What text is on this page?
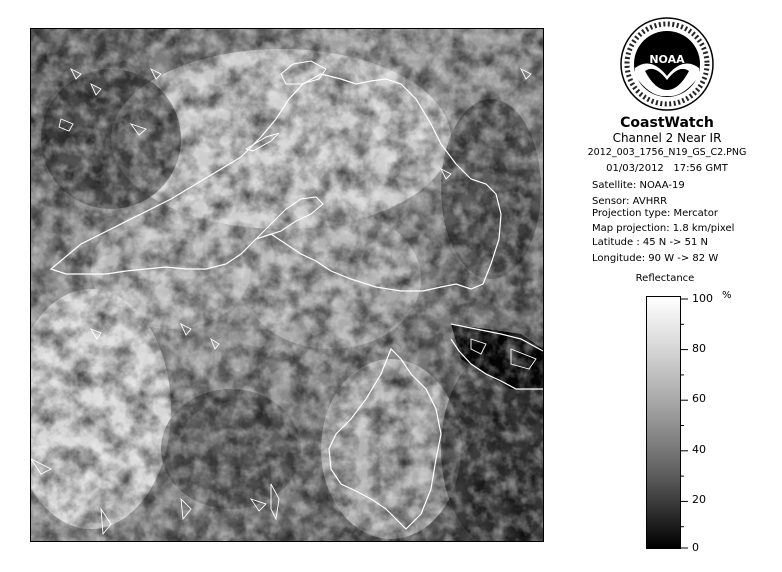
NOAA
CoastWatch
Channel 2 Near IR
2012_003_1756_N19_GS_C2.PNG
01/03/2012 17:56 GMT
Satellite: NOAA-19
Sensor: AVHRR
Projection type: Mercator
Map projection: 1.8 km/pixel
Latitude : 45 N -> 51 N
Longitude: 90 W -> 82 W
Reflectance
100 %
80
60
40
20
0
